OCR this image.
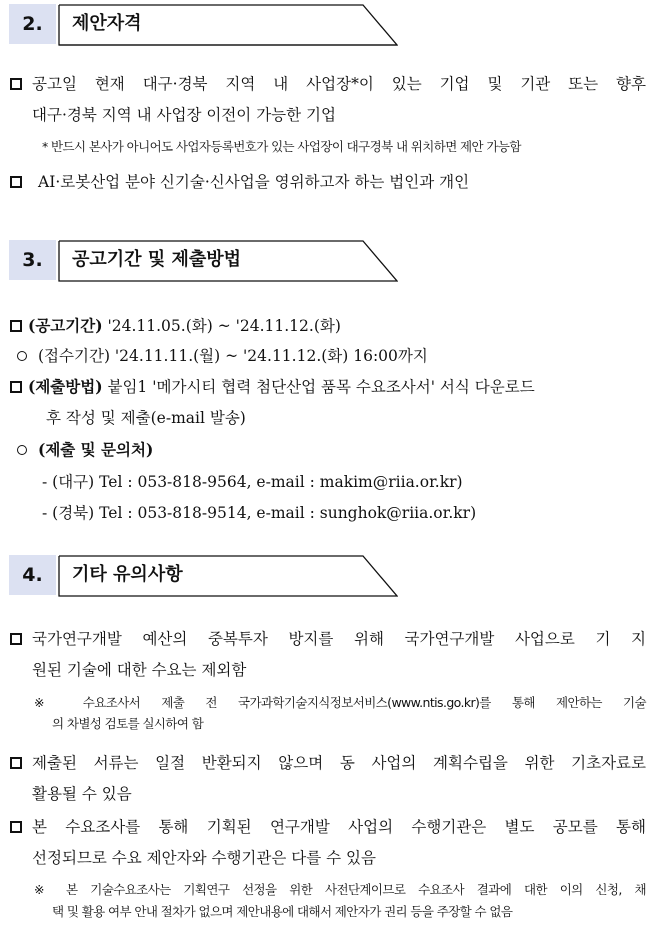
2.	제안자격
공고일 현재 대구·경북 지역 내 사업장*이 있는 기업 및 기관 또는 향후
대구·경북 지역 내 사업장 이전이 가능한 기업
* 반드시 본사가 아니어도 사업자등록번호가 있는 사업장이 대구경북 내 위치하면 제안 가능함
AI·로봇산업 분야 신기술·신사업을 영위하고자 하는 법인과 개인
3.	공고기간 및 제출방법
(공고기간) '24.11.05.(화) ~ '24.11.12.(화)
(접수기간) '24.11.11.(월) ~ '24.11.12.(화) 16:00까지
(제출방법) 붙임1 '메가시티 협력 첨단산업 품목 수요조사서' 서식 다운로드
후 작성 및 제출(e-mail 발송)
(제출 및 문의처)
- (대구) Tel : 053-818-9564, e-mail : makim@riia.or.kr)
- (경북) Tel : 053-818-9514, e-mail : sunghok@riia.or.kr)
4.	기타 유의사항
국가연구개발 예산의 중복투자 방지를 위해 국가연구개발 사업으로 기 지
원된 기술에 대한 수요는 제외함
※ 수요조사서 제출 전 국가과학기술지식정보서비스(www.ntis.go.kr)를 통해 제안하는 기술
의 차별성 검토를 실시하여 함
제출된 서류는 일절 반환되지 않으며 동 사업의 계획수립을 위한 기초자료로
활용될 수 있음
본 수요조사를 통해 기획된 연구개발 사업의 수행기관은 별도 공모를 통해
선정되므로 수요 제안자와 수행기관은 다를 수 있음
※ 본 기술수요조사는 기획연구 선정을 위한 사전단계이므로 수요조사 결과에 대한 이의 신청, 채
택 및 활용 여부 안내 절차가 없으며 제안내용에 대해서 제안자가 권리 등을 주장할 수 없음
